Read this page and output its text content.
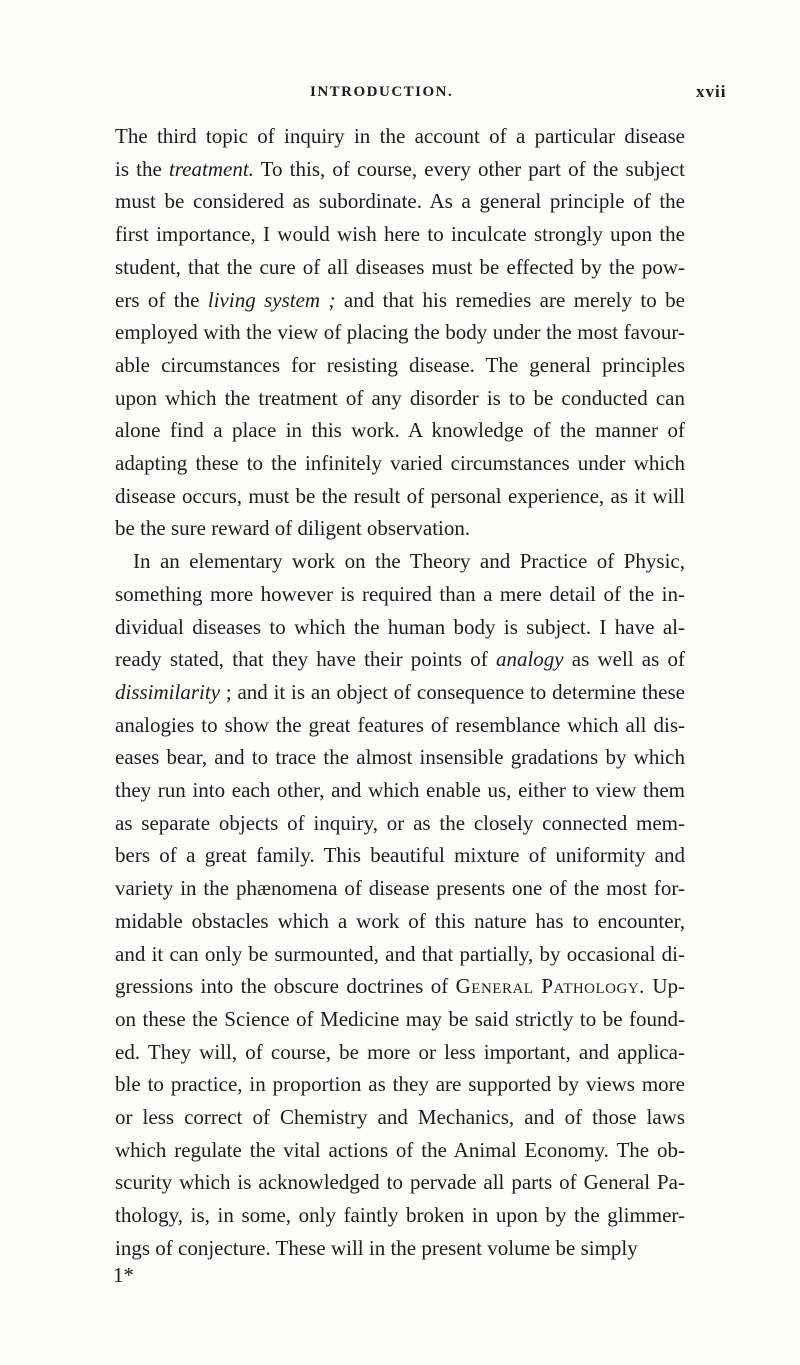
INTRODUCTION.	xvii
The third topic of inquiry in the account of a particular disease
is the treatment. To this, of course, every other part of the subject
must be considered as subordinate. As a general principle of the
first importance, I would wish here to inculcate strongly upon the
student, that the cure of all diseases must be effected by the pow-
ers of the living system ; and that his remedies are merely to be
employed with the view of placing the body under the most favour-
able circumstances for resisting disease. The general principles
upon which the treatment of any disorder is to be conducted can
alone find a place in this work. A knowledge of the manner of
adapting these to the infinitely varied circumstances under which
disease occurs, must be the result of personal experience, as it will
be the sure reward of diligent observation.
In an elementary work on the Theory and Practice of Physic,
something more however is required than a mere detail of the in-
dividual diseases to which the human body is subject. I have al-
ready stated, that they have their points of analogy as well as of
dissimilarity ; and it is an object of consequence to determine these
analogies to show the great features of resemblance which all dis-
eases bear, and to trace the almost insensible gradations by which
they run into each other, and which enable us, either to view them
as separate objects of inquiry, or as the closely connected mem-
bers of a great family. This beautiful mixture of uniformity and
variety in the phænomena of disease presents one of the most for-
midable obstacles which a work of this nature has to encounter,
and it can only be surmounted, and that partially, by occasional di-
gressions into the obscure doctrines of General Pathology. Up-
on these the Science of Medicine may be said strictly to be found-
ed. They will, of course, be more or less important, and applica-
ble to practice, in proportion as they are supported by views more
or less correct of Chemistry and Mechanics, and of those laws
which regulate the vital actions of the Animal Economy. The ob-
scurity which is acknowledged to pervade all parts of General Pa-
thology, is, in some, only faintly broken in upon by the glimmer-
ings of conjecture. These will in the present volume be simply
1*
